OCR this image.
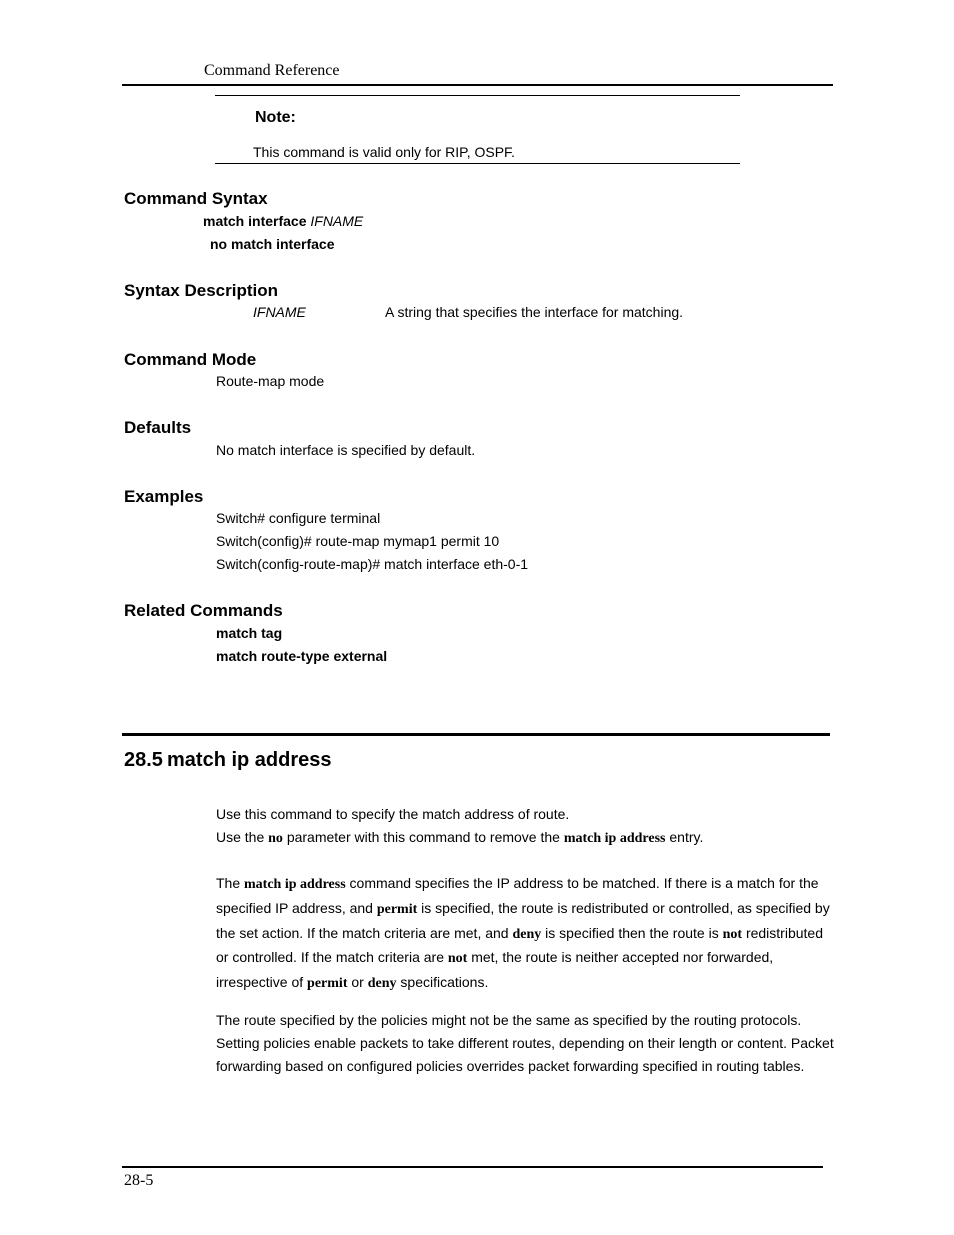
Command Reference
Note:
This command is valid only for RIP, OSPF.
Command Syntax
match interface IFNAME
no match interface
Syntax Description
IFNAME	A string that specifies the interface for matching.
Command Mode
Route-map mode
Defaults
No match interface is specified by default.
Examples
Switch# configure terminal
Switch(config)# route-map mymap1 permit 10
Switch(config-route-map)# match interface eth-0-1
Related Commands
match tag
match route-type external
28.5 match ip address
Use this command to specify the match address of route.
Use the no parameter with this command to remove the match ip address entry.
The match ip address command specifies the IP address to be matched. If there is a match for the specified IP address, and permit is specified, the route is redistributed or controlled, as specified by the set action. If the match criteria are met, and deny is specified then the route is not redistributed or controlled. If the match criteria are not met, the route is neither accepted nor forwarded, irrespective of permit or deny specifications.
The route specified by the policies might not be the same as specified by the routing protocols. Setting policies enable packets to take different routes, depending on their length or content. Packet forwarding based on configured policies overrides packet forwarding specified in routing tables.
28-5
